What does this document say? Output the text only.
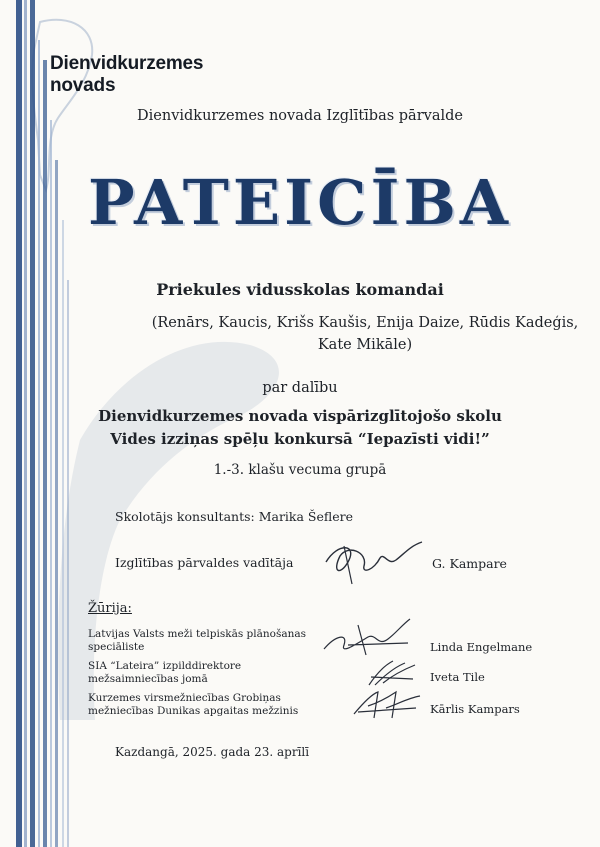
Dienvidkurzemes
novads
Dienvidkurzemes novada Izglītības pārvalde
PATEICĪBA
Priekules vidusskolas komandai
(Renārs, Kaucis, Krišs Kaušis, Enija Daize, Rūdis Kadeģis, Kate Mikāle)
par dalību
Dienvidkurzemes novada vispārizglītojošo skolu
Vides izziņas spēļu konkursā “Iepazīsti vidi!”
1.-3. klašu vecuma grupā
Skolotājs konsultants: Marika Šeflere
Izglītības pārvaldes vadītāja	G. Kampare
Žūrija:
Latvijas Valsts meži telpiskās plānošanas speciāliste	Linda Engelmane
SIA “Lateira” izpilddirektore mežsaimniecības jomā	Iveta Tile
Kurzemes virsmežniecības Grobiņas mežniecības Dunikas apgaitas mežzinis	Kārlis Kampars
Kazdangā, 2025. gada 23. aprīlī
